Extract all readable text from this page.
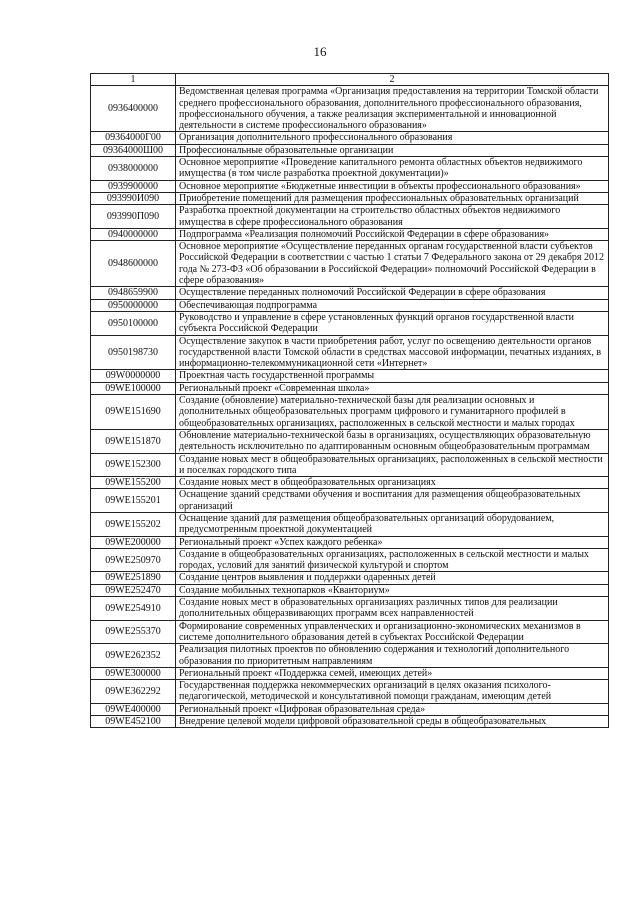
16
1	2
0936400000	Ведомственная целевая программа «Организация предоставления на территории Томской области среднего профессионального образования, дополнительного профессионального образования, профессионального обучения, а также реализация экспериментальной и инновационной деятельности в системе профессионального образования»
09364000Г00	Организация дополнительного профессионального образования
09364000Ш00	Профессиональные образовательные организации
0938000000	Основное мероприятие «Проведение капитального ремонта областных объектов недвижимого имущества (в том числе разработка проектной документации)»
0939900000	Основное мероприятие «Бюджетные инвестиции в объекты профессионального образования»
093990И090	Приобретение помещений для размещения профессиональных образовательных организаций
093990П090	Разработка проектной документации на строительство областных объектов недвижимого имущества в сфере профессионального образования
0940000000	Подпрограмма «Реализация полномочий Российской Федерации в сфере образования»
0948600000	Основное мероприятие «Осуществление переданных органам государственной власти субъектов Российской Федерации в соответствии с частью 1 статьи 7 Федерального закона от 29 декабря 2012 года № 273-ФЗ «Об образовании в Российской Федерации» полномочий Российской Федерации в сфере образования»
0948659900	Осуществление переданных полномочий Российской Федерации в сфере образования
0950000000	Обеспечивающая подпрограмма
0950100000	Руководство и управление в сфере установленных функций органов государственной власти субъекта Российской Федерации
0950198730	Осуществление закупок в части приобретения работ, услуг по освещению деятельности органов государственной власти Томской области в средствах массовой информации, печатных изданиях, в информационно-телекоммуникационной сети «Интернет»
09W0000000	Проектная часть государственной программы
09WE100000	Региональный проект «Современная школа»
09WE151690	Создание (обновление) материально-технической базы для реализации основных и дополнительных общеобразовательных программ цифрового и гуманитарного профилей в общеобразовательных организациях, расположенных в сельской местности и малых городах
09WE151870	Обновление материально-технической базы в организациях, осуществляющих образовательную деятельность исключительно по адаптированным основным общеобразовательным программам
09WE152300	Создание новых мест в общеобразовательных организациях, расположенных в сельской местности и поселках городского типа
09WE155200	Создание новых мест в общеобразовательных организациях
09WE155201	Оснащение зданий средствами обучения и воспитания для размещения общеобразовательных организаций
09WE155202	Оснащение зданий для размещения общеобразовательных организаций оборудованием, предусмотренным проектной документацией
09WE200000	Региональный проект «Успех каждого ребенка»
09WE250970	Создание в общеобразовательных организациях, расположенных в сельской местности и малых городах, условий для занятий физической культурой и спортом
09WE251890	Создание центров выявления и поддержки одаренных детей
09WE252470	Создание мобильных технопарков «Кванториум»
09WE254910	Создание новых мест в образовательных организациях различных типов для реализации дополнительных общеразвивающих программ всех направленностей
09WE255370	Формирование современных управленческих и организационно-экономических механизмов в системе дополнительного образования детей в субъектах Российской Федерации
09WE262352	Реализация пилотных проектов по обновлению содержания и технологий дополнительного образования по приоритетным направлениям
09WE300000	Региональный проект «Поддержка семей, имеющих детей»
09WE362292	Государственная поддержка некоммерческих организаций в целях оказания психолого-педагогической, методической и консультативной помощи гражданам, имеющим детей
09WE400000	Региональный проект «Цифровая образовательная среда»
09WE452100	Внедрение целевой модели цифровой образовательной среды в общеобразовательных
